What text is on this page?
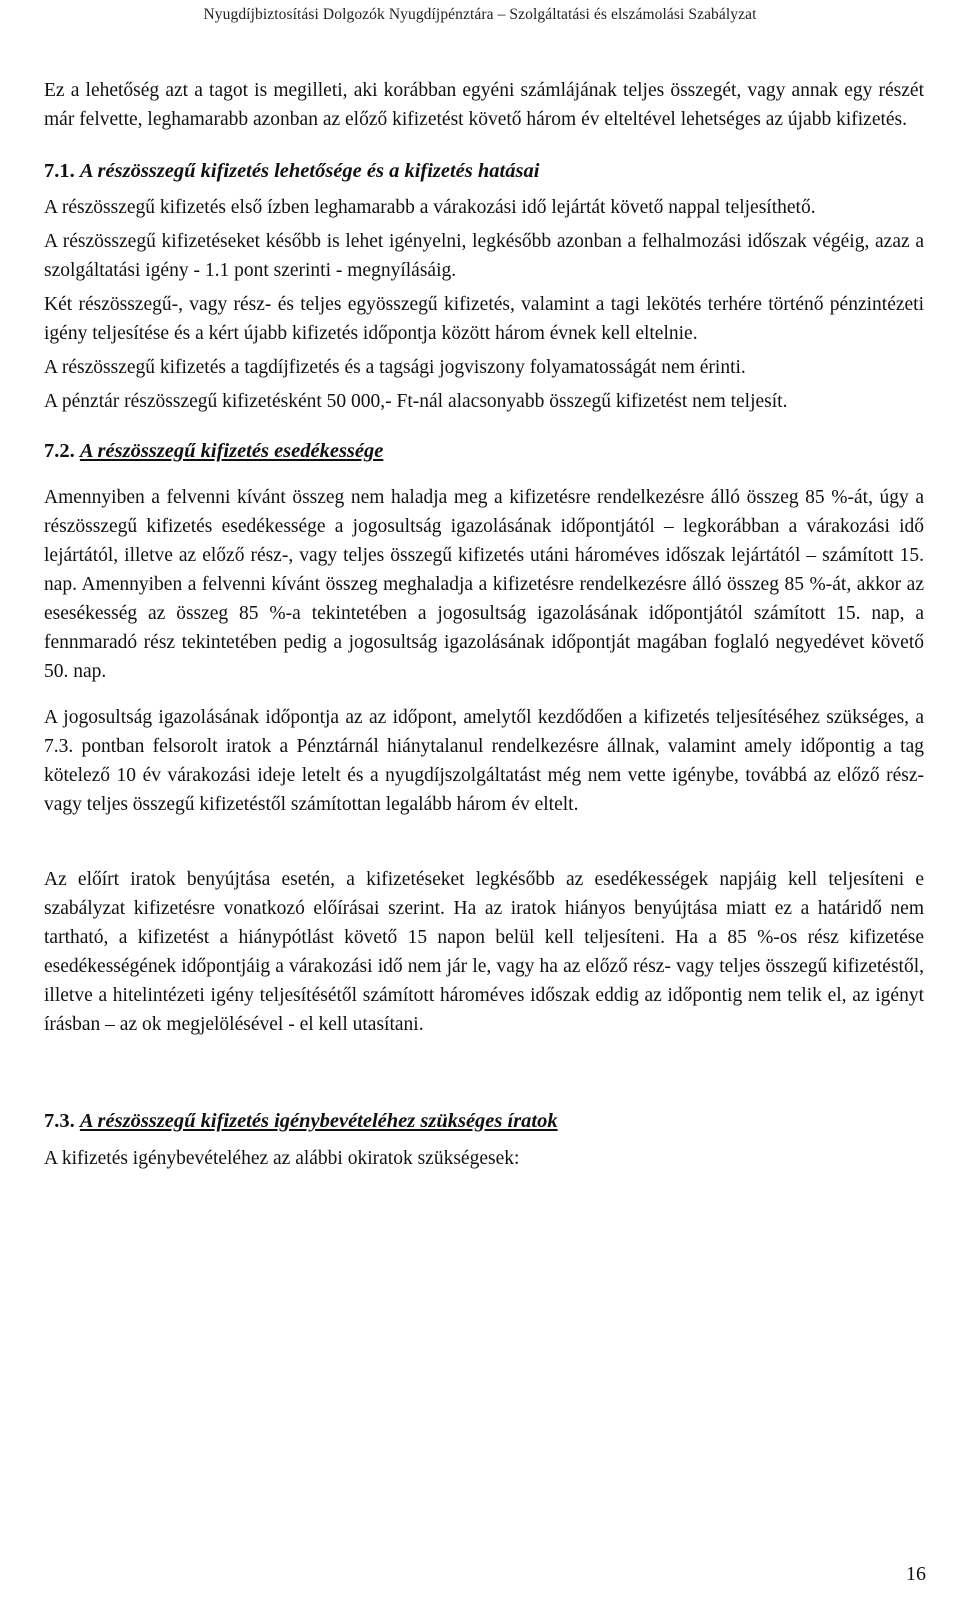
Nyugdíjbiztosítási Dolgozók Nyugdíjpénztára – Szolgáltatási és elszámolási Szabályzat

Ez a lehetőség azt a tagot is megilleti, aki korábban egyéni számlájának teljes összegét, vagy annak egy részét már felvette, leghamarabb azonban az előző kifizetést követő három év elteltével lehetséges az újabb kifizetés.

7.1. A részösszegű kifizetés lehetősége és a kifizetés hatásai

A részösszegű kifizetés első ízben leghamarabb a várakozási idő lejártát követő nappal teljesíthető.

A részösszegű kifizetéseket később is lehet igényelni, legkésőbb azonban a felhalmozási időszak végéig, azaz a szolgáltatási igény - 1.1 pont szerinti - megnyílásáig.

Két részösszegű-, vagy rész- és teljes egyösszegű kifizetés, valamint a tagi lekötés terhére történő pénzintézeti igény teljesítése és a kért újabb kifizetés időpontja között három évnek kell eltelnie.

A részösszegű kifizetés a tagdíjfizetés és a tagsági jogviszony folyamatosságát nem érinti.

A pénztár részösszegű kifizetésként 50 000,- Ft-nál alacsonyabb összegű kifizetést nem teljesít.

7.2. A részösszegű kifizetés esedékessége

Amennyiben a felvenni kívánt összeg nem haladja meg a kifizetésre rendelkezésre álló összeg 85 %-át, úgy a részösszegű kifizetés esedékessége a jogosultság igazolásának időpontjától – legkorábban a várakozási idő lejártától, illetve az előző rész-, vagy teljes összegű kifizetés utáni hároméves időszak lejártától – számított 15. nap. Amennyiben a felvenni kívánt összeg meghaladja a kifizetésre rendelkezésre álló összeg 85 %-át, akkor az esesékesség az összeg 85 %-a tekintetében a jogosultság igazolásának időpontjától számított 15. nap, a fennmaradó rész tekintetében pedig a jogosultság igazolásának időpontját magában foglaló negyedévet követő 50. nap.

A jogosultság igazolásának időpontja az az időpont, amelytől kezdődően a kifizetés teljesítéséhez szükséges, a 7.3. pontban felsorolt iratok a Pénztárnál hiánytalanul rendelkezésre állnak, valamint amely időpontig a tag kötelező 10 év várakozási ideje letelt és a nyugdíjszolgáltatást még nem vette igénybe, továbbá az előző rész- vagy teljes összegű kifizetéstől számítottan legalább három év eltelt.

Az előírt iratok benyújtása esetén, a kifizetéseket legkésőbb az esedékességek napjáig kell teljesíteni e szabályzat kifizetésre vonatkozó előírásai szerint. Ha az iratok hiányos benyújtása miatt ez a határidő nem tartható, a kifizetést a hiánypótlást követő 15 napon belül kell teljesíteni. Ha a 85 %-os rész kifizetése esedékességének időpontjáig a várakozási idő nem jár le, vagy ha az előző rész- vagy teljes összegű kifizetéstől, illetve a hitelintézeti igény teljesítésétől számított hároméves időszak eddig az időpontig nem telik el, az igényt írásban – az ok megjelölésével - el kell utasítani.

7.3. A részösszegű kifizetés igénybevételéhez szükséges íratok

A kifizetés igénybevételéhez az alábbi okiratok szükségesek:

16
